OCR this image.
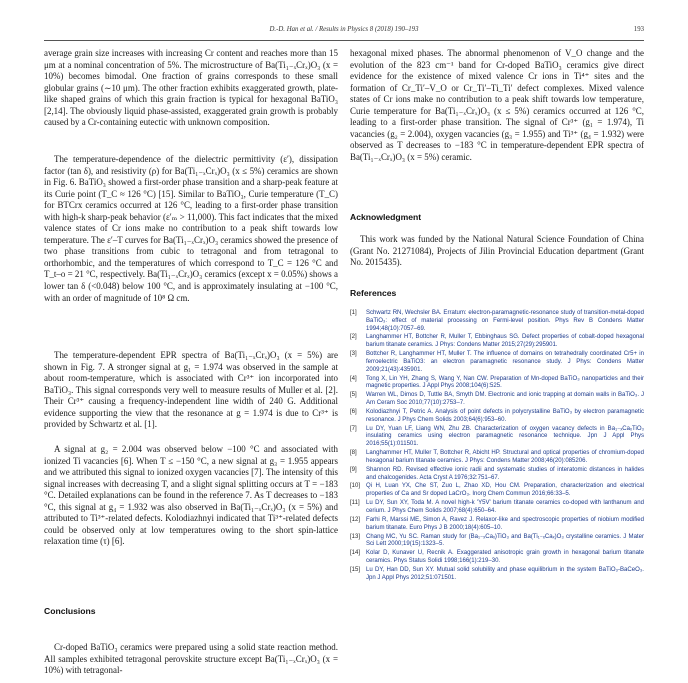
D.-D. Han et al. / Results in Physics 8 (2018) 190–193	193

average grain size increases with increasing Cr content and reaches more than 15 μm at a nominal concentration of 5%. The microstructure of Ba(Ti₁₋ₓCrₓ)O₃ (x = 10%) becomes bimodal. One fraction of grains corresponds to these small globular grains (∼10 μm). The other fraction exhibits exaggerated growth, plate-like shaped grains of which this grain fraction is typical for hexagonal BaTiO₃ [2,14]. The obviously liquid phase-assisted, exaggerated grain growth is probably caused by a Cr-containing eutectic with unknown composition.

The temperature-dependence of the dielectric permittivity (ε′), dissipation factor (tan δ), and resistivity (ρ) for Ba(Ti₁₋ₓCrₓ)O₃ (x ≤ 5%) ceramics are shown in Fig. 6. BaTiO₃ showed a first-order phase transition and a sharp-peak feature at its Curie point (T_C ≈ 126 °C) [15]. Similar to BaTiO₃, Curie temperature (T_C) for BTCrx ceramics occurred at 126 °C, leading to a first-order phase transition with high-k sharp-peak behavior (ε′ₘ > 11,000). This fact indicates that the mixed valence states of Cr ions make no contribution to a peak shift towards low temperature. The ε′–T curves for Ba(Ti₁₋ₓCrₓ)O₃ ceramics showed the presence of two phase transitions from cubic to tetragonal and from tetragonal to orthorhombic, and the temperatures of which correspond to T_C = 126 °C and T_t–o = 21 °C, respectively. Ba(Ti₁₋ₓCrₓ)O₃ ceramics (except x = 0.05%) shows a lower tan δ (<0.048) below 100 °C, and is approximately insulating at −100 °C, with an order of magnitude of 10⁸ Ω cm.

The temperature-dependent EPR spectra of Ba(Ti₁₋ₓCrₓ)O₃ (x = 5%) are shown in Fig. 7. A stronger signal at g₁ = 1.974 was observed in the sample at about room-temperature, which is associated with Cr³⁺ ion incorporated into BaTiO₃. This signal corresponds very well to measure results of Muller et al. [2]. Their Cr³⁺ causing a frequency-independent line width of 240 G. Additional evidence supporting the view that the resonance at g = 1.974 is due to Cr³⁺ is provided by Schwartz et al. [1].

A signal at g₂ = 2.004 was observed below −100 °C and associated with ionized Ti vacancies [6]. When T ≤ −150 °C, a new signal at g₃ = 1.955 appears and we attributed this signal to ionized oxygen vacancies [7]. The intensity of this signal increases with decreasing T, and a slight signal splitting occurs at T = −183 °C. Detailed explanations can be found in the reference 7. As T decreases to −183 °C, this signal at g₄ = 1.932 was also observed in Ba(Ti₁₋ₓCrₓ)O₃ (x = 5%) and attributed to Ti³⁺-related defects. Kolodiazhnyi indicated that Ti³⁺-related defects could be observed only at low temperatures owing to the short spin-lattice relaxation time (τ) [6].

Conclusions

Cr-doped BaTiO₃ ceramics were prepared using a solid state reaction method. All samples exhibited tetragonal perovskite structure except Ba(Ti₁₋ₓCrₓ)O₃ (x = 10%) with tetragonal-

hexagonal mixed phases. The abnormal phenomenon of V_O change and the evolution of the 823 cm⁻¹ band for Cr-doped BaTiO₃ ceramics give direct evidence for the existence of mixed valence Cr ions in Ti⁴⁺ sites and the formation of Cr_Ti′–V_O or Cr_Ti′–Ti_Ti′ defect complexes. Mixed valence states of Cr ions make no contribution to a peak shift towards low temperature, Curie temperature for Ba(Ti₁₋ₓCrₓ)O₃ (x ≤ 5%) ceramics occurred at 126 °C, leading to a first-order phase transition. The signal of Cr³⁺ (g₁ = 1.974), Ti vacancies (g₂ = 2.004), oxygen vacancies (g₃ = 1.955) and Ti³⁺ (g₄ = 1.932) were observed as T decreases to −183 °C in temperature-dependent EPR spectra of Ba(Ti₁₋ₓCrₓ)O₃ (x = 5%) ceramic.

Acknowledgment

This work was funded by the National Natural Science Foundation of China (Grant No. 21271084), Projects of Jilin Provincial Education department (Grant No. 2015435).

References
[1] Schwartz RN, Wechsler BA. Erratum: electron-paramagnetic-resonance study of transition-metal-doped BaTiO₃: effect of material processing on Fermi-level position. Phys Rev B Condens Matter 1994;48(10):7057–69.
[2] Langhammer HT, Bottcher R, Muller T, Ebbinghaus SG. Defect properties of cobalt-doped hexagonal barium titanate ceramics. J Phys: Condens Matter 2015;27(29):295901.
[3] Bottcher R, Langhammer HT, Muller T. The influence of domains on tetrahedrally coordinated Cr5+ in ferroelectric BaTiO3: an electron paramagnetic resonance study. J Phys: Condens Matter 2009;21(43):435901.
[4] Tong X, Lin YH, Zhang S, Wang Y, Nan CW. Preparation of Mn-doped BaTiO₃ nanoparticles and their magnetic properties. J Appl Phys 2008;104(6):525.
[5] Warren WL, Dimos D, Tuttle BA, Smyth DM. Electronic and ionic trapping at domain walls in BaTiO₃. J Am Ceram Soc 2010;77(10):2753–7.
[6] Kolodiazhnyi T, Petric A. Analysis of point defects in polycrystalline BaTiO₃ by electron paramagnetic resonance. J Phys Chem Solids 2003;64(6):953–60.
[7] Lu DY, Yuan LF, Liang WN, Zhu ZB. Characterization of oxygen vacancy defects in Ba₁₋ₓCaₓTiO₃ insulating ceramics using electron paramagnetic resonance technique. Jpn J Appl Phys 2016;55(1):011501.
[8] Langhammer HT, Muller T, Bottcher R, Abicht HP. Structural and optical properties of chromium-doped hexagonal barium titanate ceramics. J Phys: Condens Matter 2008;46(20):085206.
[9] Shannon RD. Revised effective ionic radii and systematic studies of interatomic distances in halides and chalcogenides. Acta Cryst A 1976;32:751–67.
[10] Qi H, Luan YX, Che ST, Zuo L, Zhao XD, Hou CM. Preparation, characterization and electrical properties of Ca and Sr doped LaCrO₃. Inorg Chem Commun 2016;66:33–5.
[11] Lu DY, Sun XY, Toda M. A novel high-k 'Y5V' barium titanate ceramics co-doped with lanthanum and cerium. J Phys Chem Solids 2007;68(4):650–64.
[12] Farhi R, Marssi ME, Simon A, Ravez J. Relaxor-like and spectroscopic properties of niobium modified barium titanate. Euro Phys J B 2000;18(4):605–10.
[13] Chang MC, Yu SC. Raman study for (Ba₁₋ₓCaₓ)TiO₃ and Ba(Ti₁₋ₓCaₓ)O₃ crystalline ceramics. J Mater Sci Lett 2000;19(15):1323–5.
[14] Kolar D, Kunaver U, Recnik A. Exaggerated anisotropic grain growth in hexagonal barium titanate ceramics. Phys Status Solidi 1998;166(1):219–30.
[15] Lu DY, Han DD, Sun XY. Mutual solid solubility and phase equilibrium in the system BaTiO₃-BaCeO₃. Jpn J Appl Phys 2012;51:071501.
